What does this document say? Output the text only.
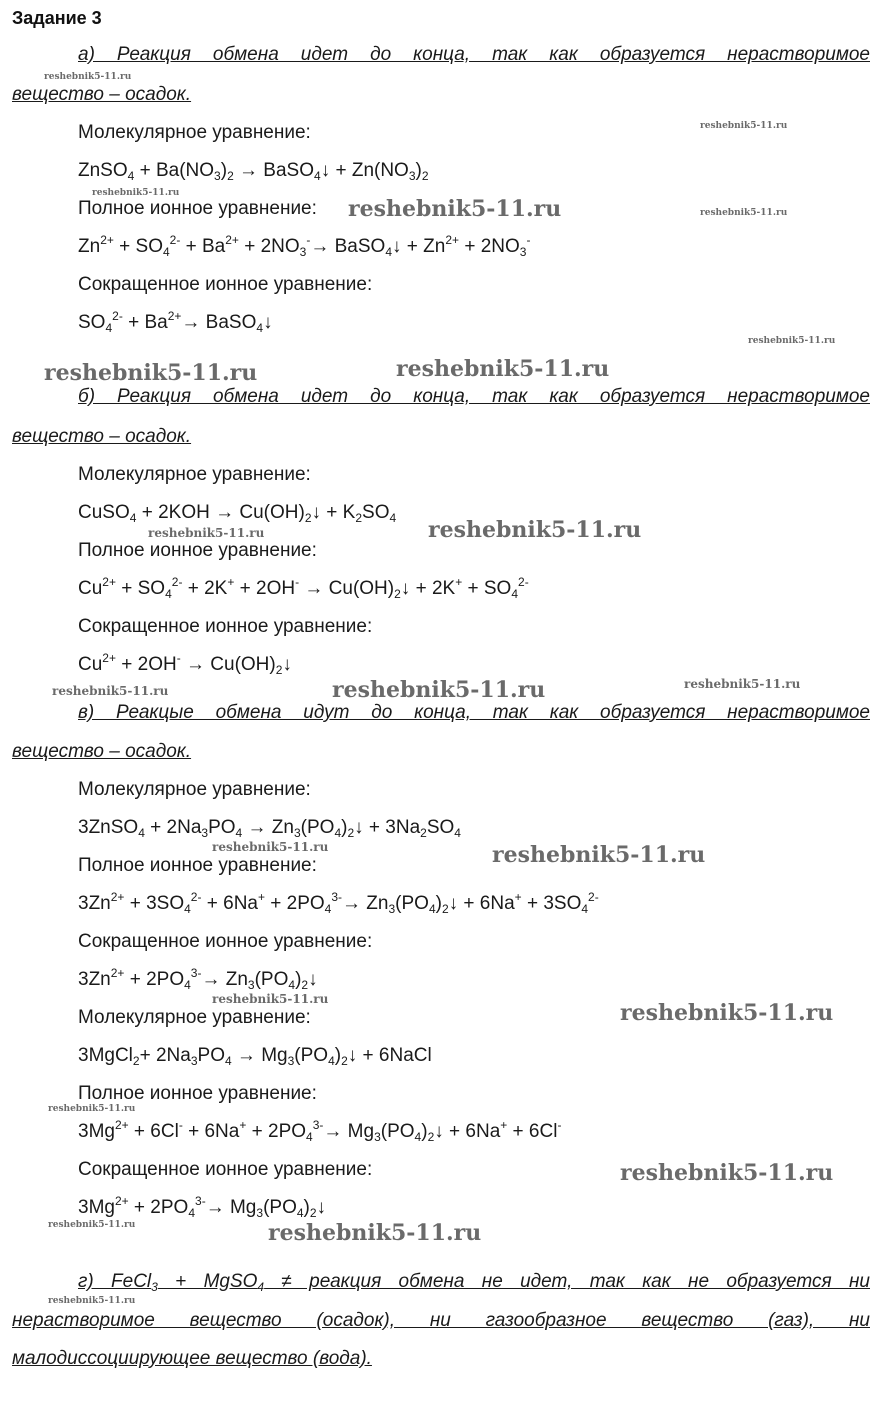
Задание 3
а) Реакция обмена идет до конца, так как образуется нерастворимое
вещество – осадок.
Молекулярное уравнение:
ZnSO$_4$ + $Ba(NO_3)_2$ → BaSO$_4$↓ + $Zn(NO_3)_2$
Полное ионное уравнение:
$Zn^{2+} + SO_4^{2-} + Ba^{2+} + 2NO_3^-\to$ BaSO$_4$↓ + $Zn^{2+} + 2NO_3^-$
Сокращенное ионное уравнение:
$SO_4^{2-} + Ba^{2+}\to$ BaSO$_4$↓
б) Реакция обмена идет до конца, так как образуется нерастворимое
вещество – осадок.
Молекулярное уравнение:
CuSO$_4$ + $2KOH \to Cu(OH)_2↓ + K_2SO_4$
Полное ионное уравнение:
$Cu^{2+} + SO_4^{2-} + 2K^+ + 2OH^-$ → $Cu(OH)_2↓ + 2K^+ + SO_4^{2-}$
Сокращенное ионное уравнение:
$Cu^{2+} + 2OH^-$ → $Cu(OH)_2↓$
в) Реакцые обмена идут до конца, так как образуется нерастворимое
вещество – осадок.
Молекулярное уравнение:
3ZnSO$_4$ + $2Na_3PO_4$ → $Zn_3(PO_4)_2↓ + 3Na_2SO_4$
Полное ионное уравнение:
$3Zn^{2+} + 3SO_4^{2-} + 6Na^+ + 2PO_4^{3-}\to$ $Zn_3(PO_4)_2↓ + 6Na^+ + 3SO_4^{2-}$
Сокращенное ионное уравнение:
$3Zn^{2+} + 2PO_4^{3-}\to$ $Zn_3(PO_4)_2↓$
Молекулярное уравнение:
3MgCl$_2$+ $2Na_3PO_4$ → $Mg_3(PO_4)_2↓$ + 6NaCl
Полное ионное уравнение:
$3Mg^{2+} + 6Cl^- + 6Na^+ + 2PO_4^{3-}\to$ $Mg_3(PO_4)_2↓ + 6Na^+ + 6Cl^-$
Сокращенное ионное уравнение:
$3Mg^{2+} + 2PO_4^{3-}\to$ $Mg_3(PO_4)_2↓$
г) FeCl$_3$ + MgSO$_4$ ≠ реакция обмена не идет, так как не образуется ни
нерастворимое вещество (осадок), ни газообразное вещество (газ), ни
малодиссоциирующее вещество (вода).
reshebnik5-11.ru
reshebnik5-11.ru
reshebnik5-11.ru
reshebnik5-11.ru	reshebnik5-11.ru
reshebnik5-11.ru
reshebnik5-11.ru	reshebnik5-11.ru
reshebnik5-11.ru	reshebnik5-11.ru
reshebnik5-11.ru	reshebnik5-11.ru	reshebnik5-11.ru
reshebnik5-11.ru	reshebnik5-11.ru
reshebnik5-11.ru
reshebnik5-11.ru
reshebnik5-11.ru
reshebnik5-11.ru
reshebnik5-11.ru	reshebnik5-11.ru
reshebnik5-11.ru
